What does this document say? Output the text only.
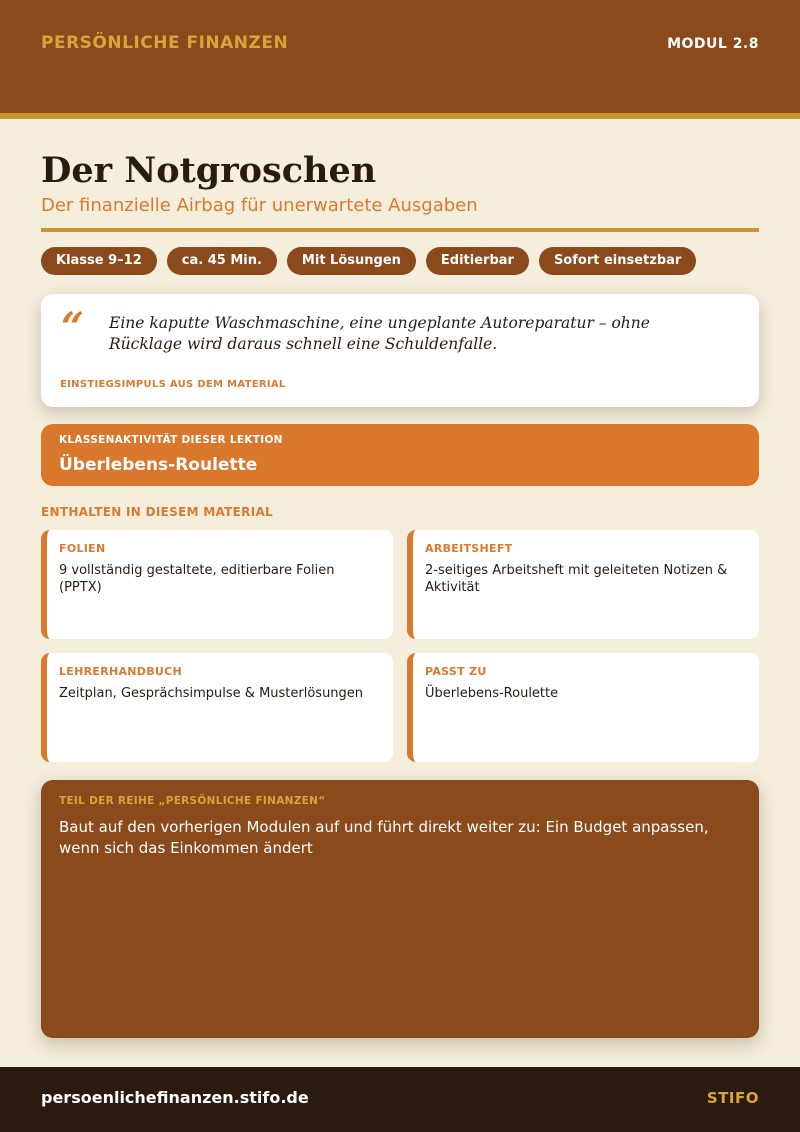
PERSÖNLICHE FINANZEN	MODUL 2.8
Der Notgroschen
Der finanzielle Airbag für unerwartete Ausgaben
Klasse 9–12	ca. 45 Min.	Mit Lösungen	Editierbar	Sofort einsetzbar
“ Eine kaputte Waschmaschine, eine ungeplante Autoreparatur – ohne Rücklage wird daraus schnell eine Schuldenfalle.

EINSTIEGSIMPULS AUS DEM MATERIAL
KLASSENAKTIVITÄT DIESER LEKTION
Überlebens-Roulette
ENTHALTEN IN DIESEM MATERIAL
FOLIEN
9 vollständig gestaltete, editierbare Folien (PPTX)
ARBEITSHEFT
2-seitiges Arbeitsheft mit geleiteten Notizen & Aktivität
LEHRERHANDBUCH
Zeitplan, Gesprächsimpulse & Musterlösungen
PASST ZU
Überlebens-Roulette
TEIL DER REIHE „PERSÖNLICHE FINANZEN“

Baut auf den vorherigen Modulen auf und führt direkt weiter zu: Ein Budget anpassen, wenn sich das Einkommen ändert

persoenlichefinanzen.stifo.de	STIFO
